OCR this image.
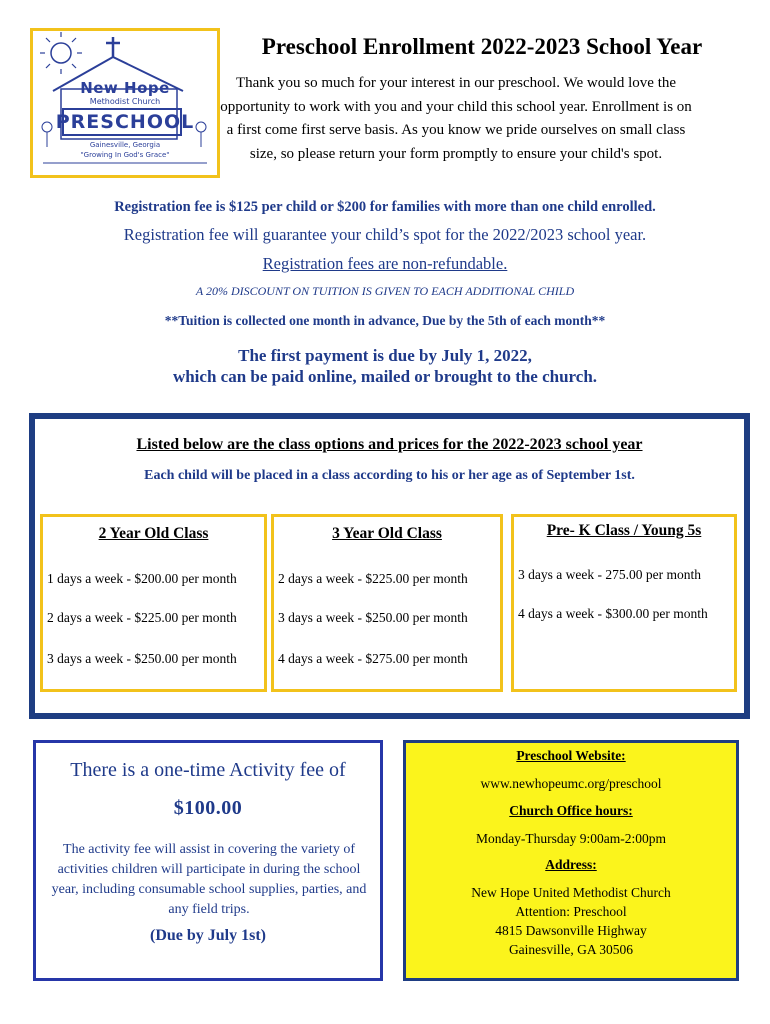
New Hope
Methodist Church
PRESCHOOL
Gainesville, Georgia
"Growing In God's Grace"
Preschool Enrollment 2022-2023 School Year
Thank you so much for your interest in our preschool. We would love the opportunity to work with you and your child this school year. Enrollment is on a first come first serve basis. As you know we pride ourselves on small class size, so please return your form promptly to ensure your child's spot.
Registration fee is $125 per child or $200 for families with more than one child enrolled.
Registration fee will guarantee your child’s spot for the 2022/2023 school year.
Registration fees are non-refundable.
A 20% DISCOUNT ON TUITION IS GIVEN TO EACH ADDITIONAL CHILD
**Tuition is collected one month in advance, Due by the 5th of each month**
The first payment is due by July 1, 2022,
which can be paid online, mailed or brought to the church.
Listed below are the class options and prices for the 2022-2023 school year
Each child will be placed in a class according to his or her age as of September 1st.
2 Year Old Class
1 days a week - $200.00 per month
2 days a week - $225.00 per month
3 days a week - $250.00 per month
3 Year Old Class
2 days a week - $225.00 per month
3 days a week - $250.00 per month
4 days a week - $275.00 per month
Pre- K Class / Young 5s
3 days a week - 275.00 per month
4 days a week - $300.00 per month
There is a one-time Activity fee of
$100.00
The activity fee will assist in covering the variety of activities children will participate in during the school year, including consumable school supplies, parties, and any field trips.
(Due by July 1st)
Preschool Website:
www.newhopeumc.org/preschool
Church Office hours:
Monday-Thursday 9:00am-2:00pm
Address:
New Hope United Methodist Church
Attention: Preschool
4815 Dawsonville Highway
Gainesville, GA 30506
